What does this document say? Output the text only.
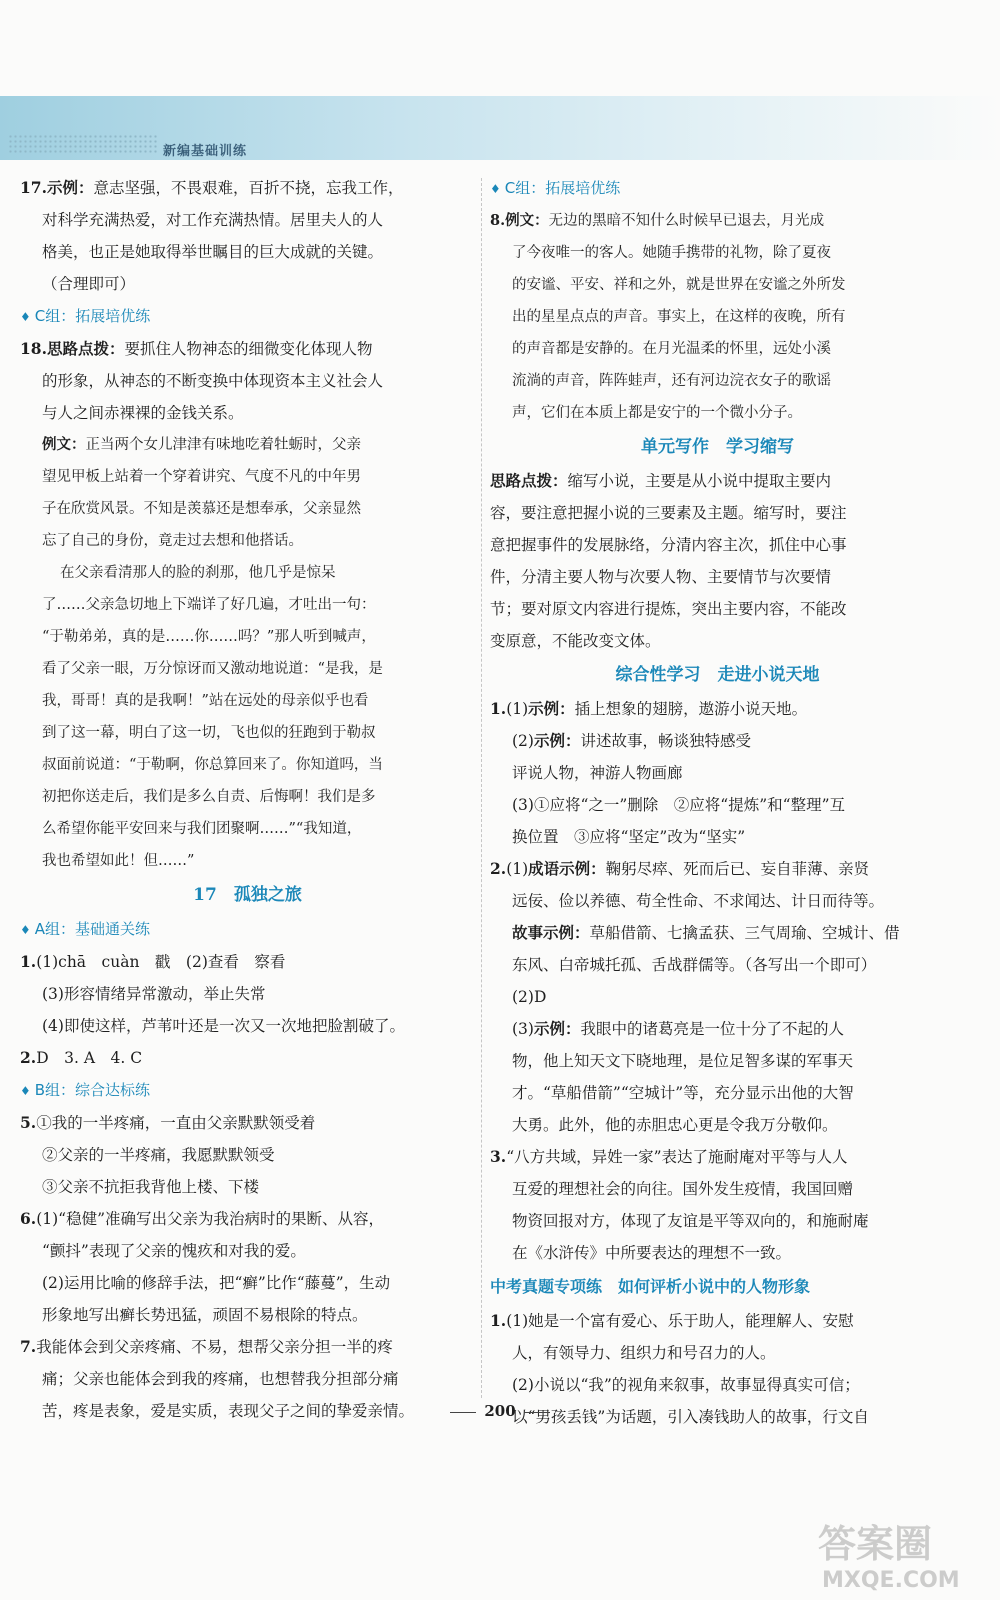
新编基础训练
17.示例：意志坚强，不畏艰难，百折不挠，忘我工作，
对科学充满热爱，对工作充满热情。居里夫人的人
格美，也正是她取得举世瞩目的巨大成就的关键。
（合理即可）
♦ C组：拓展培优练
18.思路点拨：要抓住人物神态的细微变化体现人物
的形象，从神态的不断变换中体现资本主义社会人
与人之间赤裸裸的金钱关系。
例文：正当两个女儿津津有味地吃着牡蛎时，父亲
望见甲板上站着一个穿着讲究、气度不凡的中年男
子在欣赏风景。不知是羡慕还是想奉承，父亲显然
忘了自己的身份，竟走过去想和他搭话。
在父亲看清那人的脸的刹那，他几乎是惊呆
了……父亲急切地上下端详了好几遍，才吐出一句：
“于勒弟弟，真的是……你……吗？”那人听到喊声，
看了父亲一眼，万分惊讶而又激动地说道：“是我，是
我，哥哥！真的是我啊！”站在远处的母亲似乎也看
到了这一幕，明白了这一切，飞也似的狂跑到于勒叔
叔面前说道：“于勒啊，你总算回来了。你知道吗，当
初把你送走后，我们是多么自责、后悔啊！我们是多
么希望你能平安回来与我们团聚啊……”“我知道，
我也希望如此！但……”
17　孤独之旅
♦ A组：基础通关练
1.(1)chā　cuàn　戳　(2)查看　察看
(3)形容情绪异常激动，举止失常
(4)即使这样，芦苇叶还是一次又一次地把脸割破了。
2.D　3. A　4. C
♦ B组：综合达标练
5.①我的一半疼痛，一直由父亲默默领受着
②父亲的一半疼痛，我愿默默领受
③父亲不抗拒我背他上楼、下楼
6.(1)“稳健”准确写出父亲为我治病时的果断、从容，
“颤抖”表现了父亲的愧疚和对我的爱。
(2)运用比喻的修辞手法，把“癣”比作“藤蔓”，生动
形象地写出癣长势迅猛，顽固不易根除的特点。
7.我能体会到父亲疼痛、不易，想帮父亲分担一半的疼
痛；父亲也能体会到我的疼痛，也想替我分担部分痛
苦，疼是表象，爱是实质，表现父子之间的挚爱亲情。
♦ C组：拓展培优练
8.例文：无边的黑暗不知什么时候早已退去，月光成
了今夜唯一的客人。她随手携带的礼物，除了夏夜
的安谧、平安、祥和之外，就是世界在安谧之外所发
出的星星点点的声音。事实上，在这样的夜晚，所有
的声音都是安静的。在月光温柔的怀里，远处小溪
流淌的声音，阵阵蛙声，还有河边浣衣女子的歌谣
声，它们在本质上都是安宁的一个微小分子。
单元写作　学习缩写
思路点拨：缩写小说，主要是从小说中提取主要内
容，要注意把握小说的三要素及主题。缩写时，要注
意把握事件的发展脉络，分清内容主次，抓住中心事
件，分清主要人物与次要人物、主要情节与次要情
节；要对原文内容进行提炼，突出主要内容，不能改
变原意，不能改变文体。
综合性学习　走进小说天地
1.(1)示例：插上想象的翅膀，遨游小说天地。
(2)示例：讲述故事，畅谈独特感受
评说人物，神游人物画廊
(3)①应将“之一”删除　②应将“提炼”和“整理”互
换位置　③应将“坚定”改为“坚实”
2.(1)成语示例：鞠躬尽瘁、死而后已、妄自菲薄、亲贤
远佞、俭以养德、苟全性命、不求闻达、计日而待等。
故事示例：草船借箭、七擒孟获、三气周瑜、空城计、借
东风、白帝城托孤、舌战群儒等。（各写出一个即可）
(2)D
(3)示例：我眼中的诸葛亮是一位十分了不起的人
物，他上知天文下晓地理，是位足智多谋的军事天
才。“草船借箭”“空城计”等，充分显示出他的大智
大勇。此外，他的赤胆忠心更是令我万分敬仰。
3.“八方共域，异姓一家”表达了施耐庵对平等与人人
互爱的理想社会的向往。国外发生疫情，我国回赠
物资回报对方，体现了友谊是平等双向的，和施耐庵
在《水浒传》中所要表达的理想不一致。
中考真题专项练　如何评析小说中的人物形象
1.(1)她是一个富有爱心、乐于助人，能理解人、安慰
人，有领导力、组织力和号召力的人。
(2)小说以“我”的视角来叙事，故事显得真实可信；
以“男孩丢钱”为话题，引入凑钱助人的故事，行文自
200
答案圈
MXQE.COM
